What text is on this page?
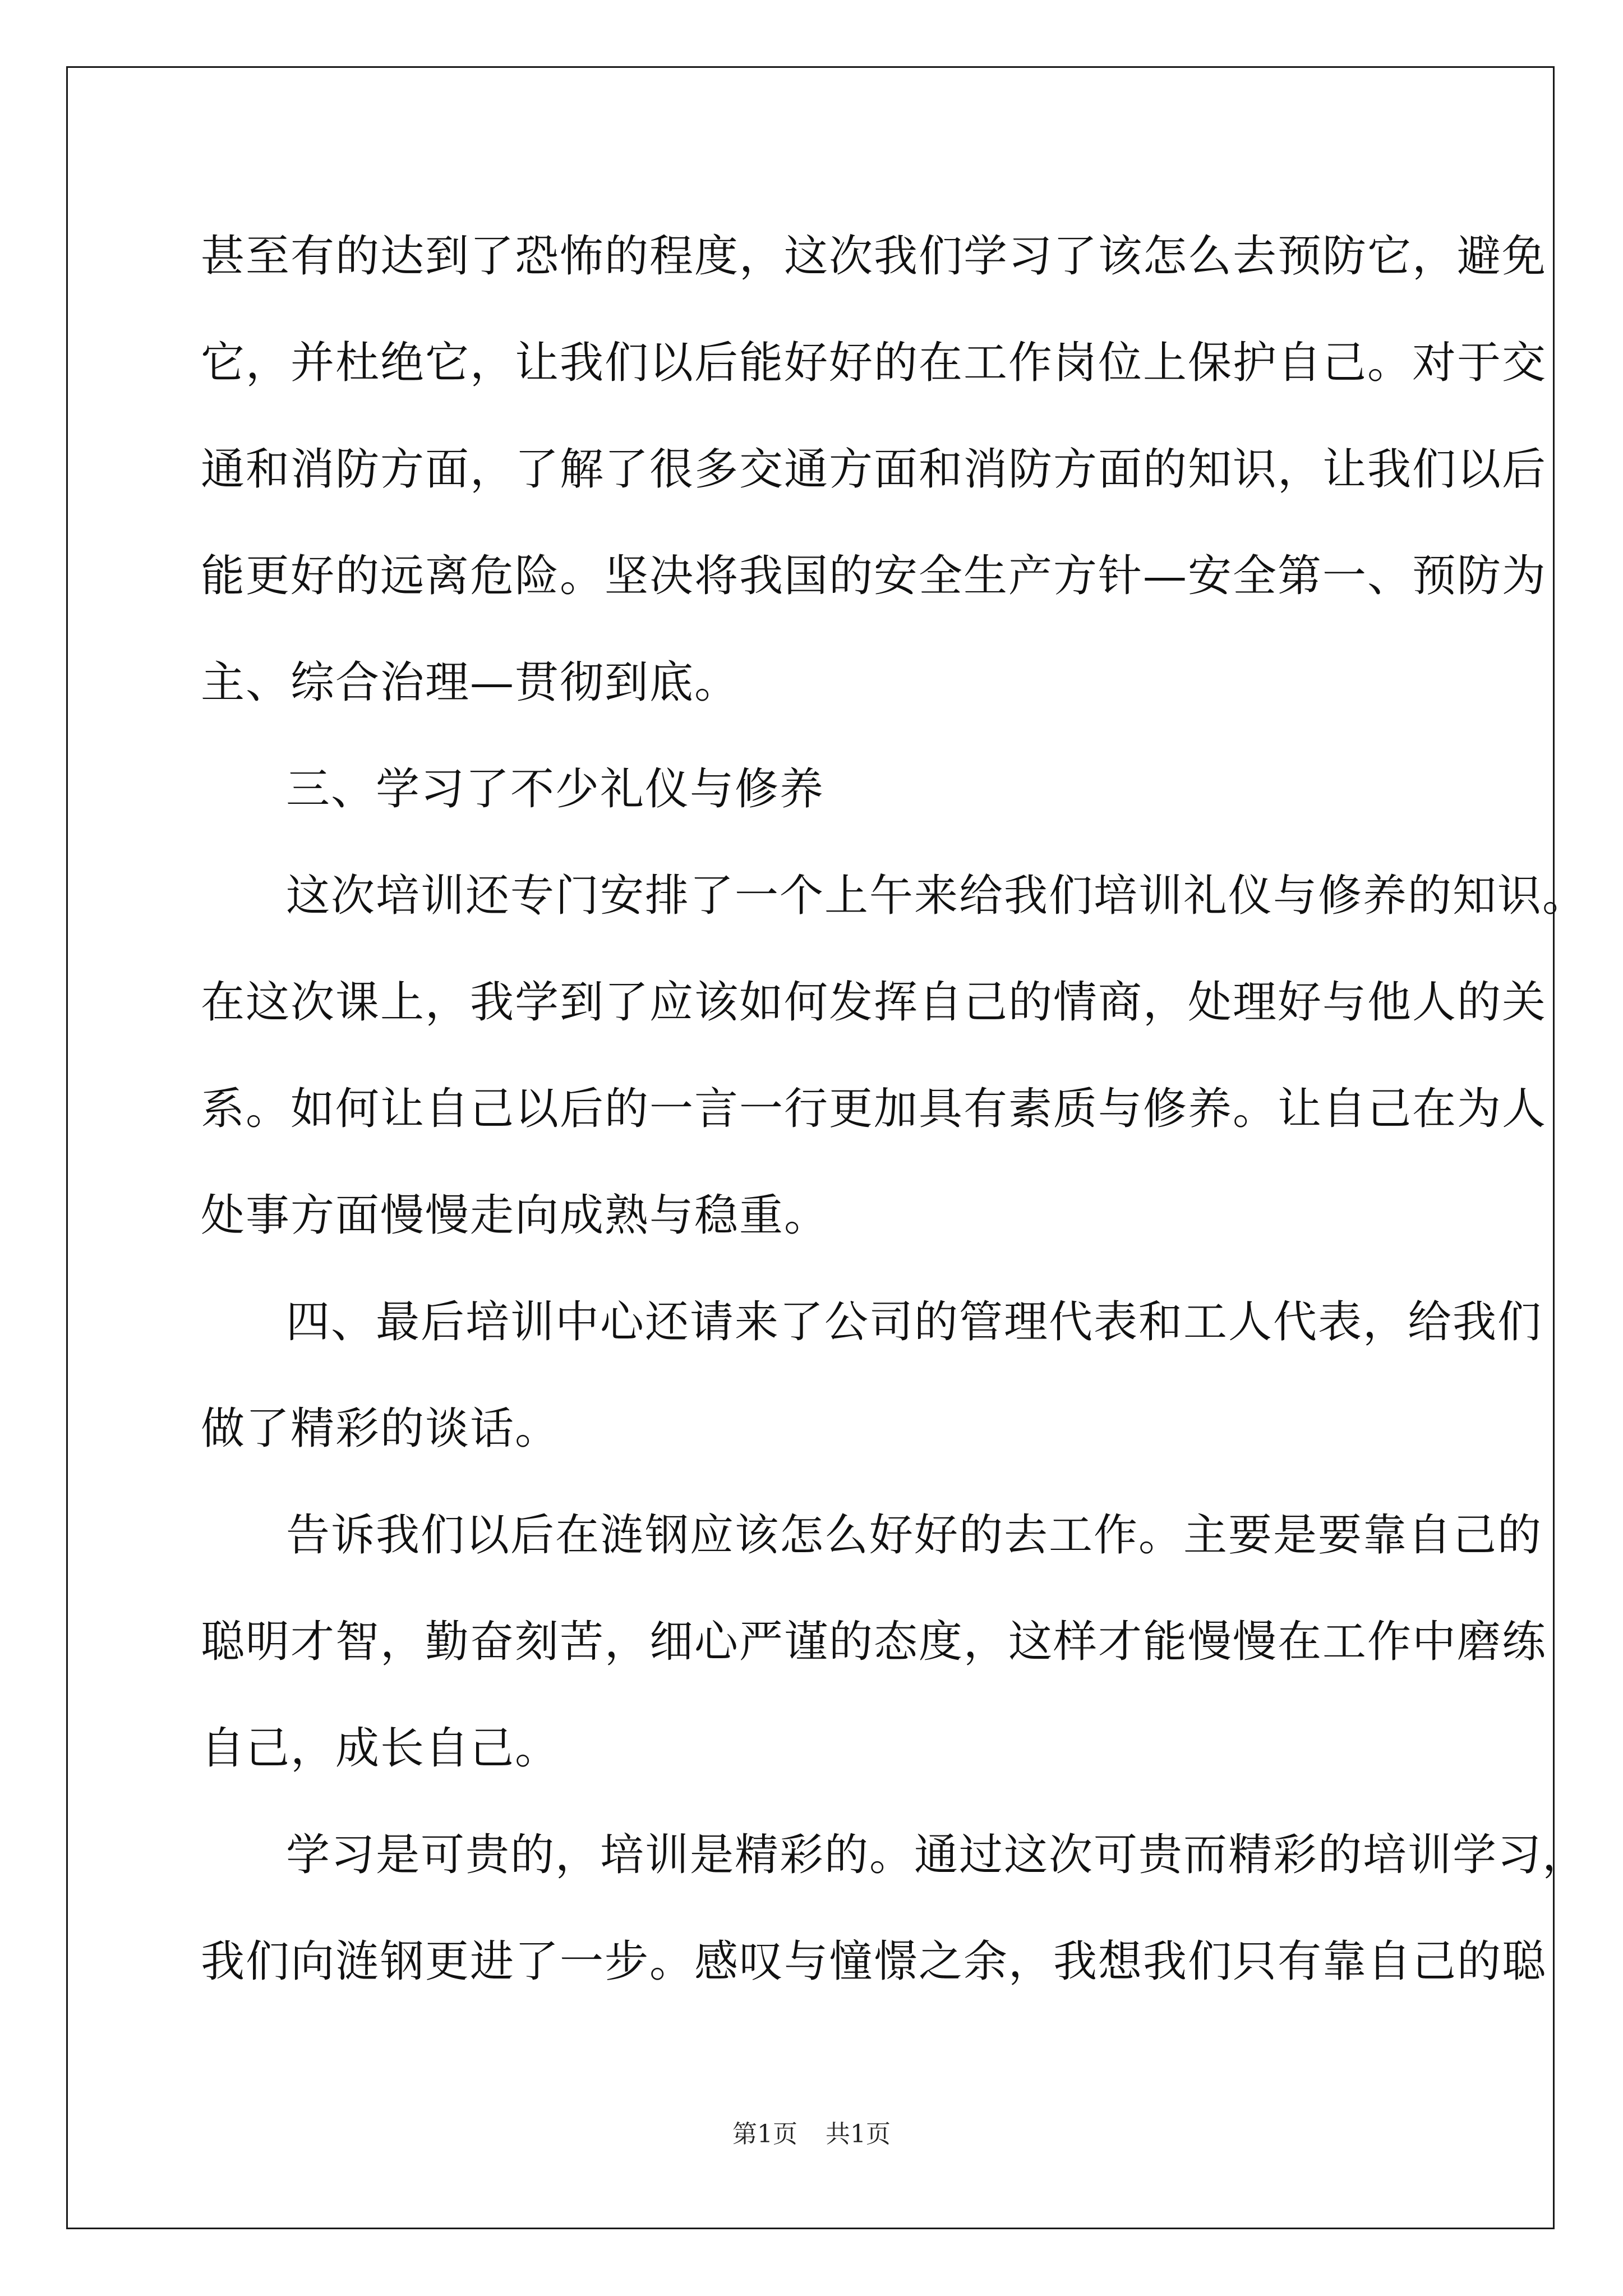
甚至有的达到了恐怖的程度，这次我们学习了该怎么去预防它，避免
它，并杜绝它，让我们以后能好好的在工作岗位上保护自己。对于交
通和消防方面，了解了很多交通方面和消防方面的知识，让我们以后
能更好的远离危险。坚决将我国的安全生产方针—安全第一、预防为
主、综合治理—贯彻到底。
三、学习了不少礼仪与修养
这次培训还专门安排了一个上午来给我们培训礼仪与修养的知识。
在这次课上，我学到了应该如何发挥自己的情商，处理好与他人的关
系。如何让自己以后的一言一行更加具有素质与修养。让自己在为人
处事方面慢慢走向成熟与稳重。
四、最后培训中心还请来了公司的管理代表和工人代表，给我们
做了精彩的谈话。
告诉我们以后在涟钢应该怎么好好的去工作。主要是要靠自己的
聪明才智，勤奋刻苦，细心严谨的态度，这样才能慢慢在工作中磨练
自己，成长自己。
学习是可贵的，培训是精彩的。通过这次可贵而精彩的培训学习，
我们向涟钢更进了一步。感叹与憧憬之余，我想我们只有靠自己的聪
第1页 共1页
